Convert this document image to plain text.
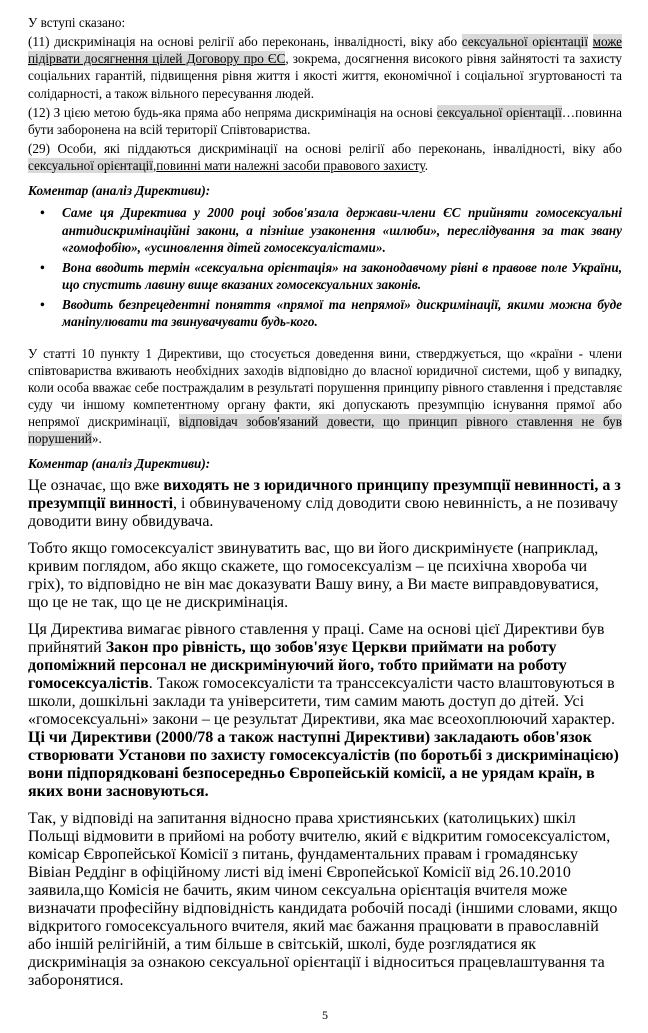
У вступі сказано:

(11) дискримінація на основі релігії або переконань, інвалідності, віку або сексуальної орієнтації може підірвати досягнення цілей Договору про ЄС, зокрема, досягнення високого рівня зайнятості та захисту соціальних гарантій, підвищення рівня життя і якості життя, економічної і соціальної згуртованості та солідарності, а також вільного пересування людей.

(12) З цією метою будь-яка пряма або непряма дискримінація на основі сексуальної орієнтації…повинна бути заборонена на всій території Співтовариства.

(29) Особи, які піддаються дискримінації на основі релігії або переконань, інвалідності, віку або сексуальної орієнтації,повинні мати належні засоби правового захисту.

Коментар (аналіз Директиви):
• Саме ця Директива у 2000 році зобов'язала держави-члени ЄС прийняти гомосексуальні антидискримінаційні закони, а пізніше узаконення «шлюби», переслідування за так звану «гомофобію», «усиновлення дітей гомосексуалістами».
• Вона вводить термін «сексуальна орієнтація» на законодавчому рівні в правове поле України, що спустить лавину вище вказаних гомосексуальних законів.
• Вводить безпрецедентні поняття «прямої та непрямої» дискримінації, якими можна буде маніпулювати та звинувачувати будь-кого.

У статті 10 пункту 1 Директиви, що стосується доведення вини, стверджується, що «країни - члени співтовариства вживають необхідних заходів відповідно до власної юридичної системи, щоб у випадку, коли особа вважає себе постраждалим в результаті порушення принципу рівного ставлення і представляє суду чи іншому компетентному органу факти, які допускають презумпцію існування прямої або непрямої дискримінації, відповідач зобов'язаний довести, що принцип рівного ставлення не був порушений».

Коментар (аналіз Директиви):
Це означає, що вже виходять не з юридичного принципу презумпції невинності, а з презумпції винності, і обвинуваченому слід доводити свою невинність, а не позивачу доводити вину обвидувача.
Тобто якщо гомосексуаліст звинуватить вас, що ви його дискримінуєте (наприклад, кривим поглядом, або якщо скажете, що гомосексуалізм – це психічна хвороба чи гріх), то відповідно не він має доказувати Вашу вину, а Ви маєте виправдовуватися, що це не так, що це не дискримінація.
Ця Директива вимагає рівного ставлення у праці. Саме на основі цієї Директиви був прийнятий Закон про рівність, що зобов'язує Церкви приймати на роботу допоміжний персонал не дискримінуючий його, тобто приймати на роботу гомосексуалістів. Також гомосексуалісти та транссексуалісти часто влаштовуються в школи, дошкільні заклади та університети, тим самим мають доступ до дітей. Усі «гомосексуальні» закони – це результат Директиви, яка має всеохоплюючий характер. Ці чи Директиви (2000/78 а також наступні Директиви) закладають обов'язок створювати Установи по захисту гомосексуалістів (по боротьбі з дискримінацією) вони підпорядковані безпосередньо Європейській комісії, а не урядам країн, в яких вони засновуються.
Так, у відповіді на запитання відносно права християнських (католицьких) шкіл Польщі відмовити в прийомі на роботу вчителю, який є відкритим гомосексуалістом, комісар Європейської Комісії з питань, фундаментальних правам і громадянську Вівіан Реддінг в офіційному листі від імені Європейської Комісії від 26.10.2010 заявила,що Комісія не бачить, яким чином сексуальна орієнтація вчителя може визначати професійну відповідність кандидата робочій посаді (іншими словами, якщо відкритого гомосексуального вчителя, який має бажання працювати в православній або іншій релігійній, а тим більше в світській, школі, буде розглядатися як дискримінація за ознакою сексуальної орієнтації і відноситься працевлаштування та заборонятися.
5
